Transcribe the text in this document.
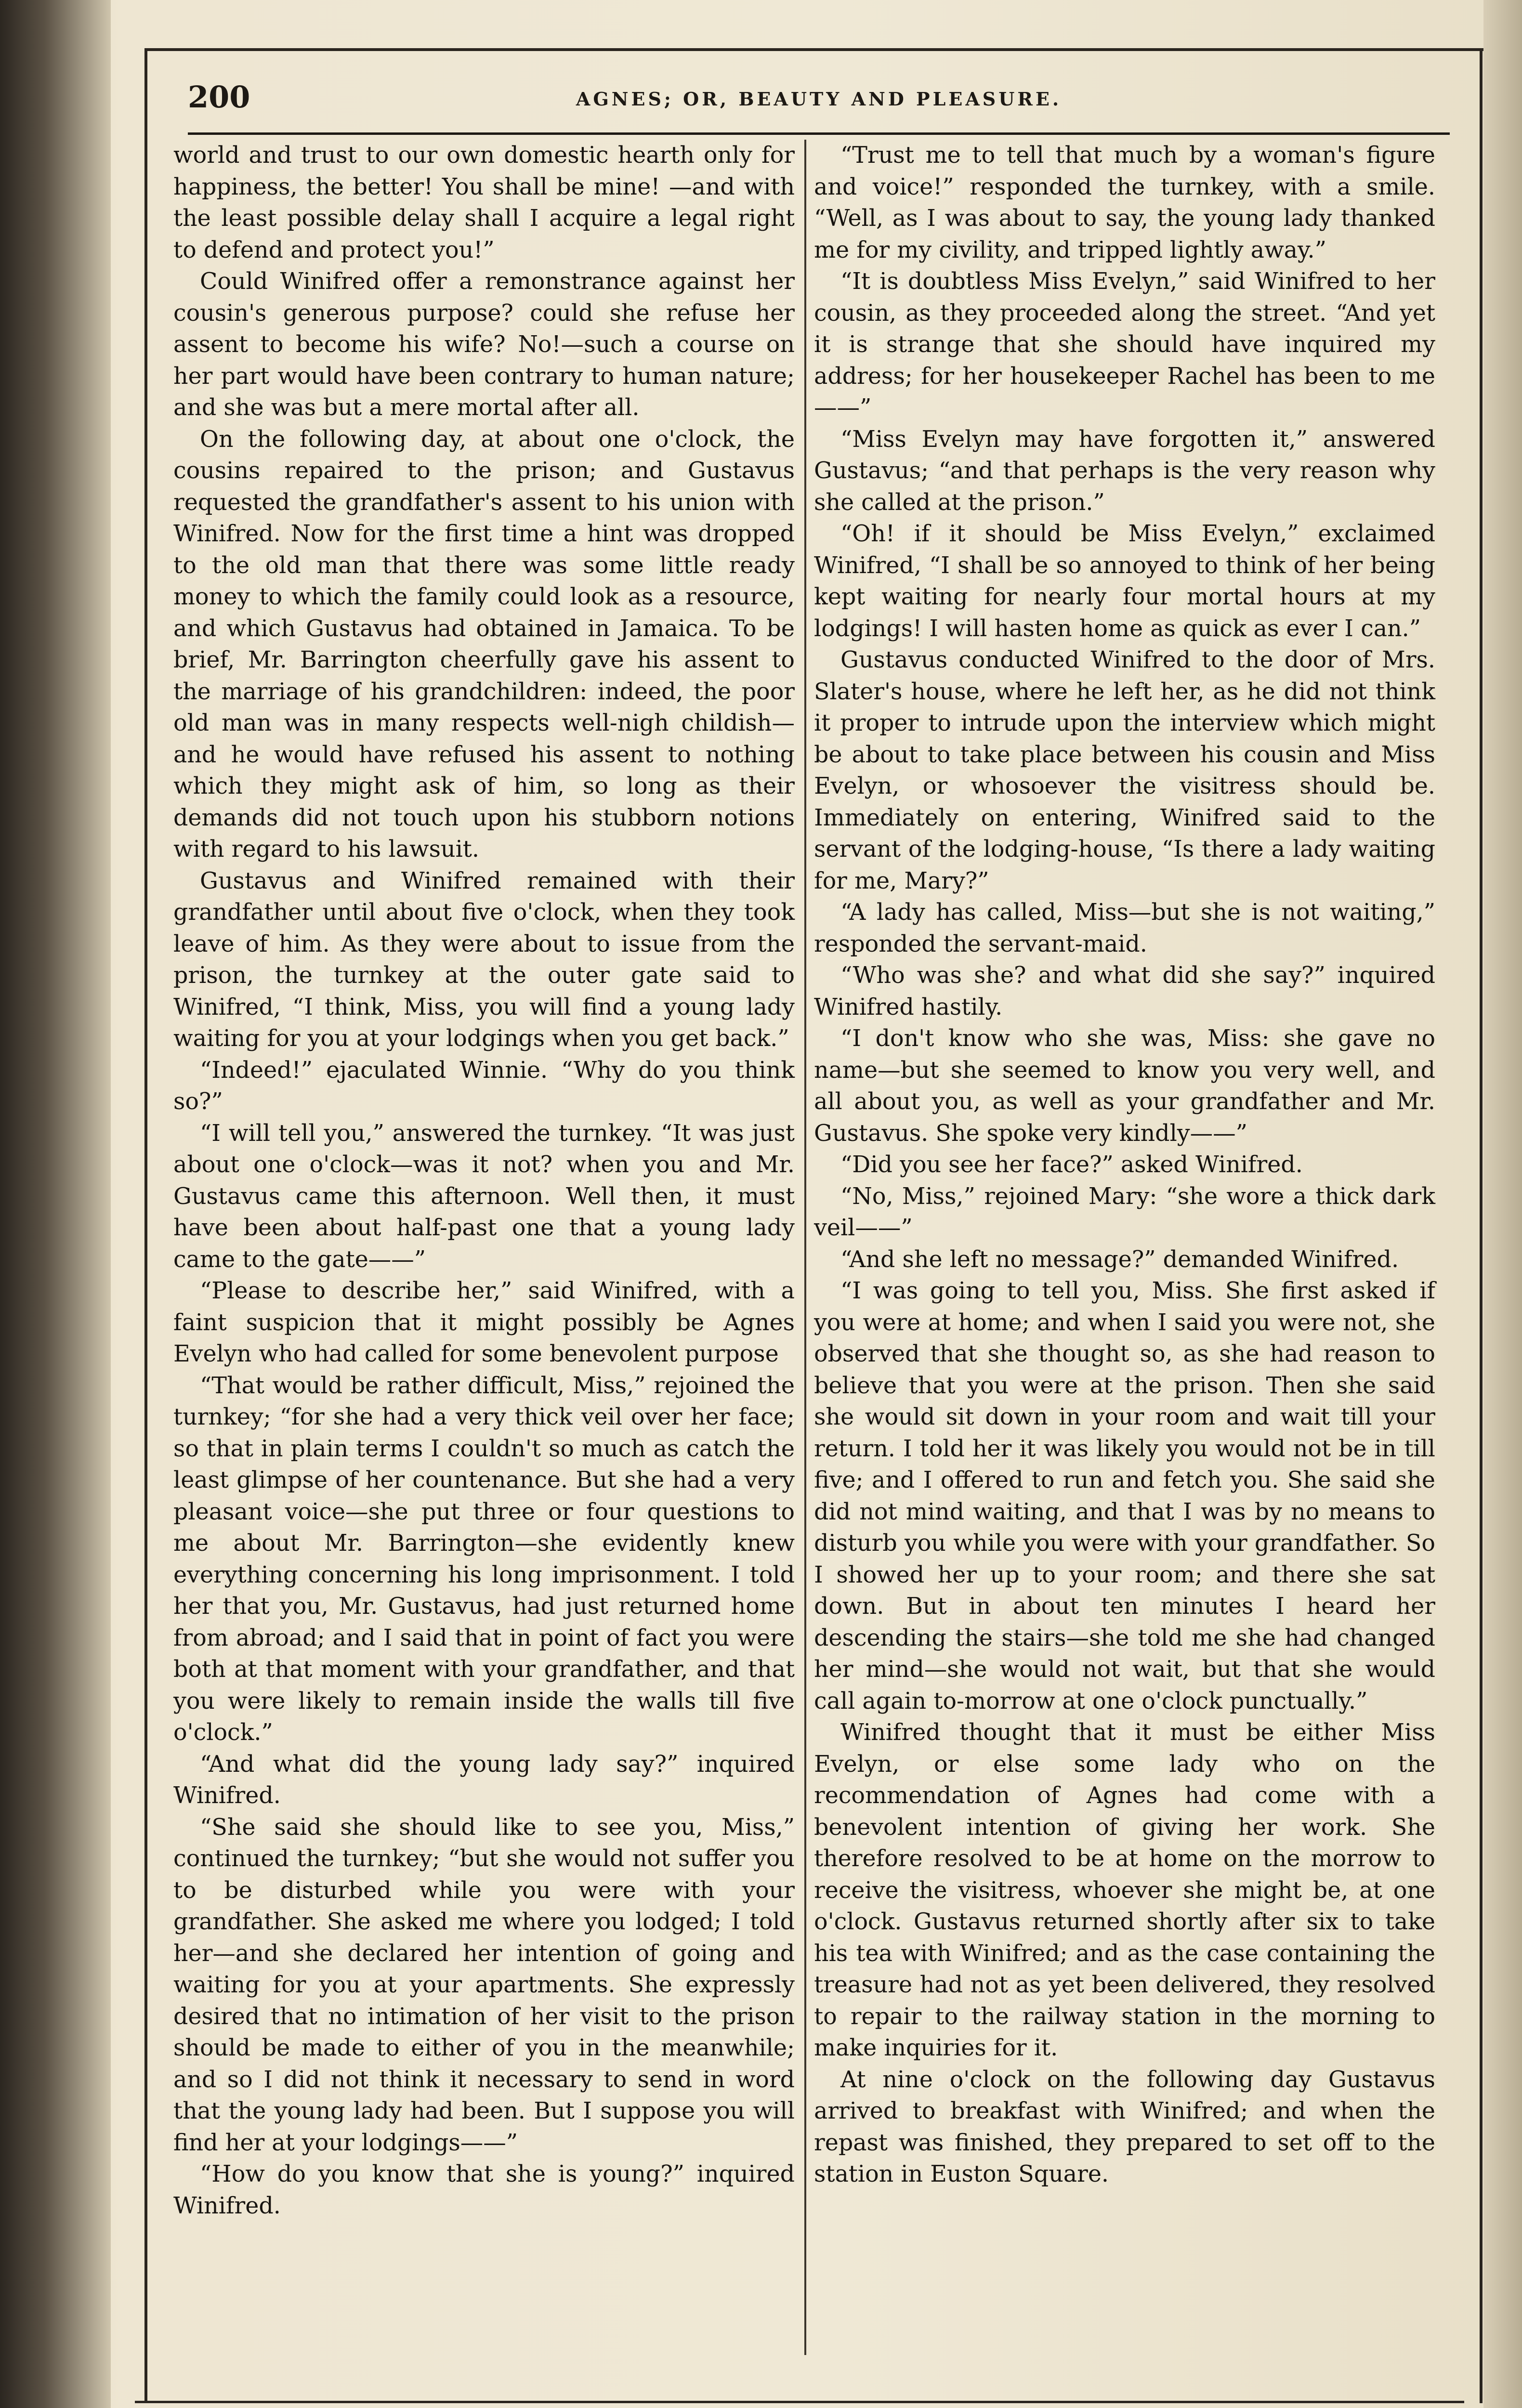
200	AGNES; OR, BEAUTY AND PLEASURE.

world and trust to our own domestic hearth only for happiness, the better! You shall be mine! —and with the least possible delay shall I acquire a legal right to defend and protect you!”

Could Winifred offer a remonstrance against her cousin's generous purpose? could she refuse her assent to become his wife? No!—such a course on her part would have been contrary to human nature; and she was but a mere mortal after all.

On the following day, at about one o'clock, the cousins repaired to the prison; and Gustavus requested the grandfather's assent to his union with Winifred. Now for the first time a hint was dropped to the old man that there was some little ready money to which the family could look as a resource, and which Gustavus had obtained in Jamaica. To be brief, Mr. Barrington cheerfully gave his assent to the marriage of his grandchildren: indeed, the poor old man was in many respects well-nigh childish—and he would have refused his assent to nothing which they might ask of him, so long as their demands did not touch upon his stubborn notions with regard to his lawsuit.

Gustavus and Winifred remained with their grandfather until about five o'clock, when they took leave of him. As they were about to issue from the prison, the turnkey at the outer gate said to Winifred, “I think, Miss, you will find a young lady waiting for you at your lodgings when you get back.”

“Indeed!” ejaculated Winnie. “Why do you think so?”

“I will tell you,” answered the turnkey. “It was just about one o'clock—was it not? when you and Mr. Gustavus came this afternoon. Well then, it must have been about half-past one that a young lady came to the gate——”

“Please to describe her,” said Winifred, with a faint suspicion that it might possibly be Agnes Evelyn who had called for some benevolent purpose

“That would be rather difficult, Miss,” rejoined the turnkey; “for she had a very thick veil over her face; so that in plain terms I couldn't so much as catch the least glimpse of her countenance. But she had a very pleasant voice—she put three or four questions to me about Mr. Barrington—she evidently knew everything concerning his long imprisonment. I told her that you, Mr. Gustavus, had just returned home from abroad; and I said that in point of fact you were both at that moment with your grandfather, and that you were likely to remain inside the walls till five o'clock.”

“And what did the young lady say?” inquired Winifred.

“She said she should like to see you, Miss,” continued the turnkey; “but she would not suffer you to be disturbed while you were with your grandfather. She asked me where you lodged; I told her—and she declared her intention of going and waiting for you at your apartments. She expressly desired that no intimation of her visit to the prison should be made to either of you in the meanwhile; and so I did not think it necessary to send in word that the young lady had been. But I suppose you will find her at your lodgings——”

“How do you know that she is young?” inquired Winifred.

“Trust me to tell that much by a woman's figure and voice!” responded the turnkey, with a smile. “Well, as I was about to say, the young lady thanked me for my civility, and tripped lightly away.”

“It is doubtless Miss Evelyn,” said Winifred to her cousin, as they proceeded along the street. “And yet it is strange that she should have inquired my address; for her housekeeper Rachel has been to me——”

“Miss Evelyn may have forgotten it,” answered Gustavus; “and that perhaps is the very reason why she called at the prison.”

“Oh! if it should be Miss Evelyn,” exclaimed Winifred, “I shall be so annoyed to think of her being kept waiting for nearly four mortal hours at my lodgings! I will hasten home as quick as ever I can.”

Gustavus conducted Winifred to the door of Mrs. Slater's house, where he left her, as he did not think it proper to intrude upon the interview which might be about to take place between his cousin and Miss Evelyn, or whosoever the visitress should be. Immediately on entering, Winifred said to the servant of the lodging-house, “Is there a lady waiting for me, Mary?”

“A lady has called, Miss—but she is not waiting,” responded the servant-maid.

“Who was she? and what did she say?” inquired Winifred hastily.

“I don't know who she was, Miss: she gave no name—but she seemed to know you very well, and all about you, as well as your grandfather and Mr. Gustavus. She spoke very kindly——”

“Did you see her face?” asked Winifred.

“No, Miss,” rejoined Mary: “she wore a thick dark veil——”

“And she left no message?” demanded Winifred.

“I was going to tell you, Miss. She first asked if you were at home; and when I said you were not, she observed that she thought so, as she had reason to believe that you were at the prison. Then she said she would sit down in your room and wait till your return. I told her it was likely you would not be in till five; and I offered to run and fetch you. She said she did not mind waiting, and that I was by no means to disturb you while you were with your grandfather. So I showed her up to your room; and there she sat down. But in about ten minutes I heard her descending the stairs—she told me she had changed her mind—she would not wait, but that she would call again to-morrow at one o'clock punctually.”

Winifred thought that it must be either Miss Evelyn, or else some lady who on the recommendation of Agnes had come with a benevolent intention of giving her work. She therefore resolved to be at home on the morrow to receive the visitress, whoever she might be, at one o'clock. Gustavus returned shortly after six to take his tea with Winifred; and as the case containing the treasure had not as yet been delivered, they resolved to repair to the railway station in the morning to make inquiries for it.

At nine o'clock on the following day Gustavus arrived to breakfast with Winifred; and when the repast was finished, they prepared to set off to the station in Euston Square.
